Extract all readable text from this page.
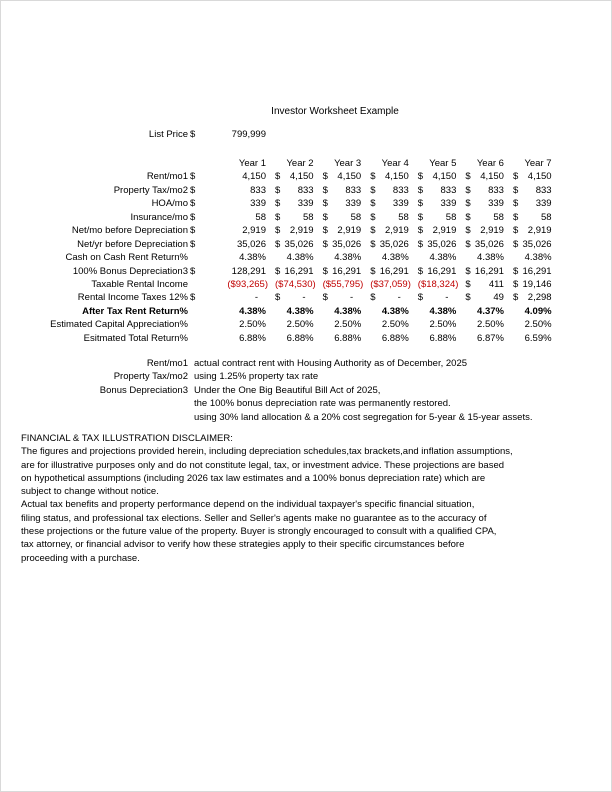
Investor Worksheet Example
List Price $	799,999
Year 1	Year 2	Year 3	Year 4	Year 5	Year 6	Year 7
Rent/mo1 $	4,150 $ 4,150 $ 4,150 $ 4,150 $ 4,150 $ 4,150 $ 4,150
Property Tax/mo2 $	833 $ 833 $ 833 $ 833 $ 833 $ 833 $ 833
HOA/mo $	339 $ 339 $ 339 $ 339 $ 339 $ 339 $ 339
Insurance/mo $	58 $ 58 $ 58 $ 58 $ 58 $ 58 $ 58
Net/mo before Depreciation $	2,919 $ 2,919 $ 2,919 $ 2,919 $ 2,919 $ 2,919 $ 2,919
Net/yr before Depreciation $	35,026 $ 35,026 $ 35,026 $ 35,026 $ 35,026 $ 35,026 $ 35,026
Cash on Cash Rent Return%	4.38% 4.38% 4.38% 4.38% 4.38% 4.38% 4.38%
100% Bonus Depreciation3 $	128,291 $ 16,291 $ 16,291 $ 16,291 $ 16,291 $ 16,291 $ 16,291
Taxable Rental Income	($93,265) ($74,530) ($55,795) ($37,059) ($18,324) $ 411 $ 19,146
Rental Income Taxes 12% $	-	$ -	$ -	$ -	$ -	$ 49 $ 2,298
After Tax Rent Return%	4.38% 4.38% 4.38% 4.38% 4.38% 4.37% 4.09%
Estimated Capital Appreciation%	2.50% 2.50% 2.50% 2.50% 2.50% 2.50% 2.50%
Esitmated Total Return%	6.88% 6.88% 6.88% 6.88% 6.88% 6.87% 6.59%
Rent/mo1 actual contract rent with Housing Authority as of December, 2025
Property Tax/mo2 using 1.25% property tax rate
Bonus Depreciation3 Under the One Big Beautiful Bill Act of 2025,
the 100% bonus depreciation rate was permanently restored.
using 30% land allocation & a 20% cost segregation for 5-year & 15-year assets.
FINANCIAL & TAX ILLUSTRATION DISCLAIMER:
The figures and projections provided herein, including depreciation schedules,tax brackets,and inflation assumptions,
are for illustrative purposes only and do not constitute legal, tax, or investment advice. These projections are based
on hypothetical assumptions (including 2026 tax law estimates and a 100% bonus depreciation rate) which are
subject to change without notice.
Actual tax benefits and property performance depend on the individual taxpayer's specific financial situation,
filing status, and professional tax elections. Seller and Seller's agents make no guarantee as to the accuracy of
these projections or the future value of the property. Buyer is strongly encouraged to consult with a qualified CPA,
tax attorney, or financial advisor to verify how these strategies apply to their specific circumstances before
proceeding with a purchase.
